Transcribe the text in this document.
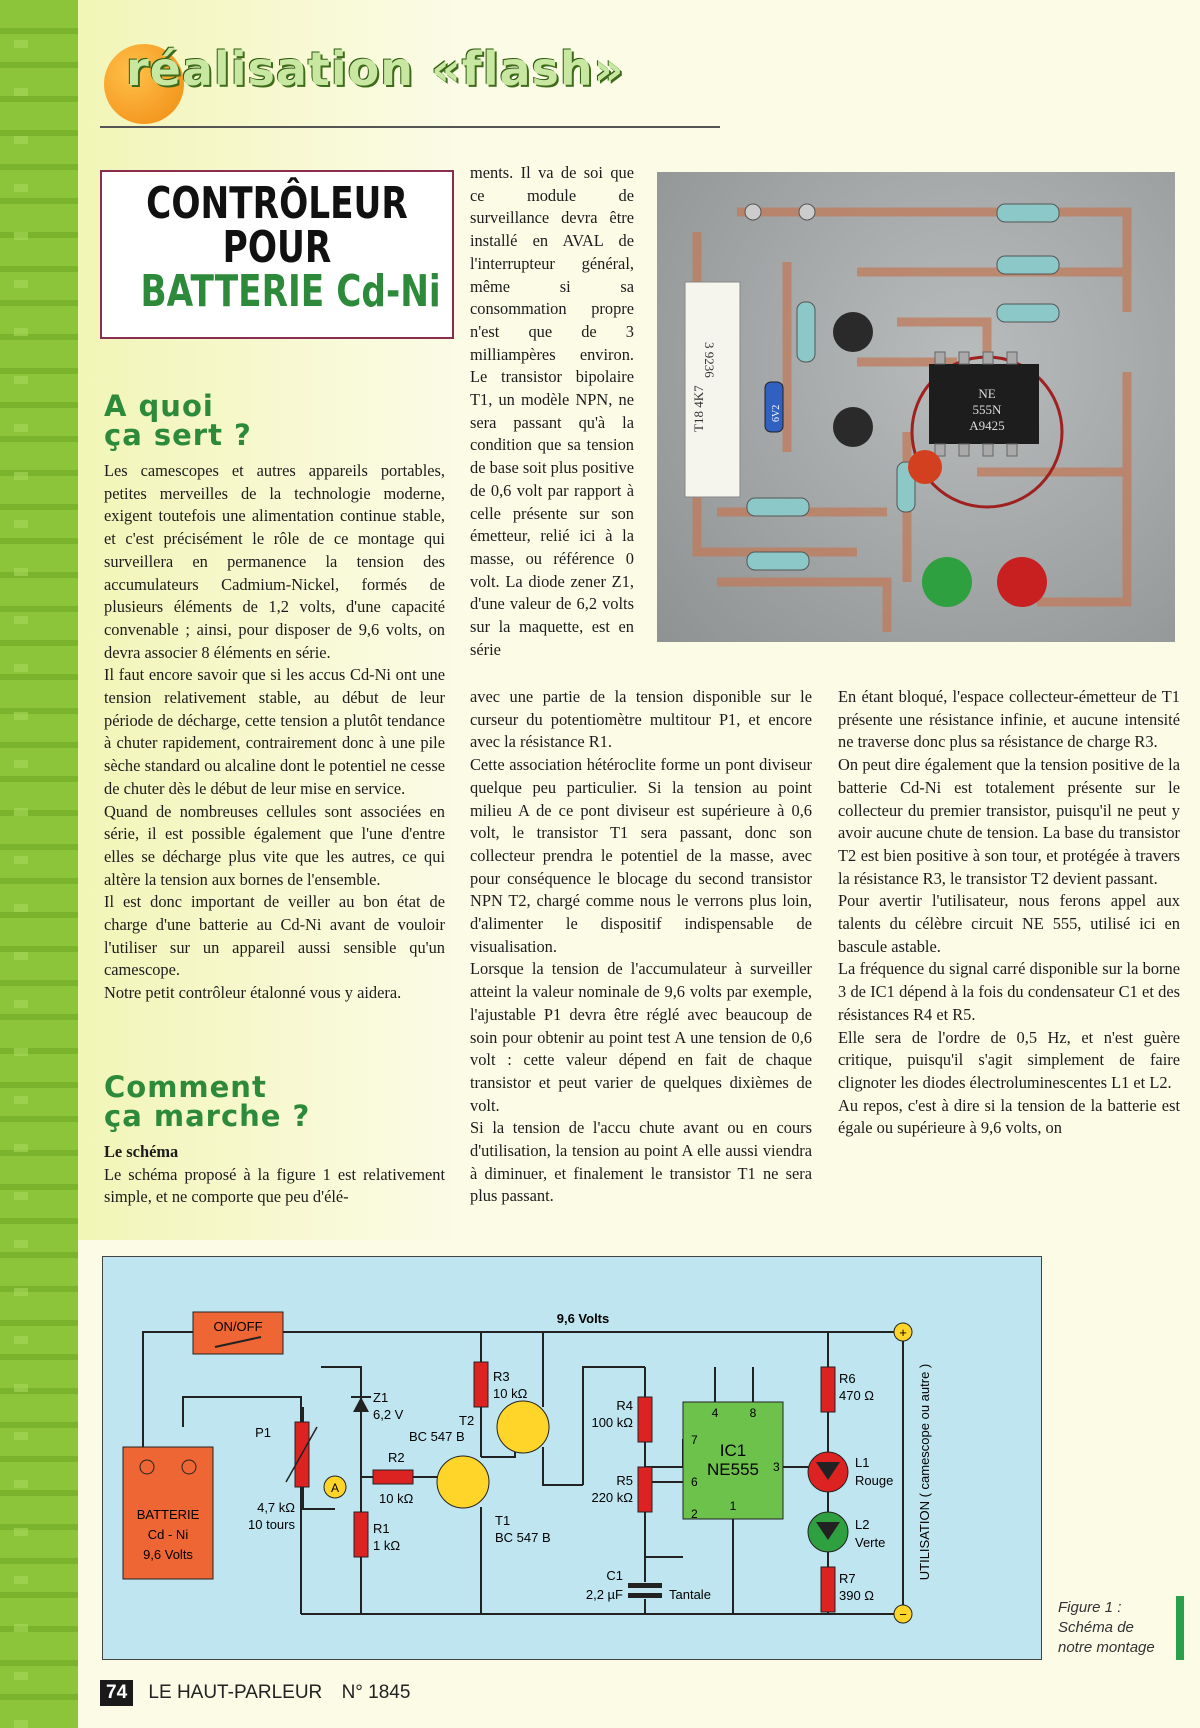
réalisation «flash»
CONTRÔLEUR
POUR
BATTERIE Cd-Ni
A quoi
ça sert ?

Les camescopes et autres appareils portables, petites merveilles de la technologie moderne, exigent toutefois une alimentation continue stable, et c'est précisément le rôle de ce montage qui surveillera en permanence la tension des accumulateurs Cadmium-Nickel, formés de plusieurs éléments de 1,2 volts, d'une capacité convenable ; ainsi, pour disposer de 9,6 volts, on devra associer 8 éléments en série.

Il faut encore savoir que si les accus Cd-Ni ont une tension relativement stable, au début de leur période de décharge, cette tension a plutôt tendance à chuter rapidement, contrairement donc à une pile sèche standard ou alcaline dont le potentiel ne cesse de chuter dès le début de leur mise en service.

Quand de nombreuses cellules sont associées en série, il est possible également que l'une d'entre elles se décharge plus vite que les autres, ce qui altère la tension aux bornes de l'ensemble.

Il est donc important de veiller au bon état de charge d'une batterie au Cd-Ni avant de vouloir l'utiliser sur un appareil aussi sensible qu'un camescope.

Notre petit contrôleur étalonné vous y aidera.

Comment
ça marche ?

Le schéma

Le schéma proposé à la figure 1 est relativement simple, et ne comporte que peu d'élé-

ments. Il va de soi que ce module de surveillance devra être installé en AVAL de l'interrupteur général, même si sa consommation propre n'est que de 3 milliampères environ. Le transistor bipolaire T1, un modèle NPN, ne sera passant qu'à la condition que sa tension de base soit plus positive de 0,6 volt par rapport à celle présente sur son émetteur, relié ici à la masse, ou référence 0 volt. La diode zener Z1, d'une valeur de 6,2 volts sur la maquette, est en série

avec une partie de la tension disponible sur le curseur du potentiomètre multitour P1, et encore avec la résistance R1.

Cette association hétéroclite forme un pont diviseur quelque peu particulier. Si la tension au point milieu A de ce pont diviseur est supérieure à 0,6 volt, le transistor T1 sera passant, donc son collecteur prendra le potentiel de la masse, avec pour conséquence le blocage du second transistor NPN T2, chargé comme nous le verrons plus loin, d'alimenter le dispositif indispensable de visualisation.

Lorsque la tension de l'accumulateur à surveiller atteint la valeur nominale de 9,6 volts par exemple, l'ajustable P1 devra être réglé avec beaucoup de soin pour obtenir au point test A une tension de 0,6 volt : cette valeur dépend en fait de chaque transistor et peut varier de quelques dixièmes de volt.

Si la tension de l'accu chute avant ou en cours d'utilisation, la tension au point A elle aussi viendra à diminuer, et finalement le transistor T1 ne sera plus passant.

En étant bloqué, l'espace collecteur-émetteur de T1 présente une résistance infinie, et aucune intensité ne traverse donc plus sa résistance de charge R3.

On peut dire également que la tension positive de la batterie Cd-Ni est totalement présente sur le collecteur du premier transistor, puisqu'il ne peut y avoir aucune chute de tension. La base du transistor T2 est bien positive à son tour, et protégée à travers la résistance R3, le transistor T2 devient passant.

Pour avertir l'utilisateur, nous ferons appel aux talents du célèbre circuit NE 555, utilisé ici en bascule astable.

La fréquence du signal carré disponible sur la borne 3 de IC1 dépend à la fois du condensateur C1 et des résistances R4 et R5.

Elle sera de l'ordre de 0,5 Hz, et n'est guère critique, puisqu'il s'agit simplement de faire clignoter les diodes électroluminescentes L1 et L2.

Au repos, c'est à dire si la tension de la batterie est égale ou supérieure à 9,6 volts, on

3 9236
T18 4K7	NE
555N
A9425
6V2
ON/OFF
9,6 Volts
BATTERIE
Cd - Ni
9,6 Volts
P1
4,7 kΩ
10 tours
Z1
6,2 V
A
R2
10 kΩ
R1
1 kΩ
R3
10 kΩ
T2
BC 547 B
T1
BC 547 B
R4
100 kΩ
R5
220 kΩ
C1
2,2 µF	Tantale
IC1
NE555
4	8
7
6
3
2
1
R6
470 Ω
L1
Rouge
L2
Verte
R7
390 Ω
+
−
UTILISATION ( camescope ou autre )
Figure 1 :
Schéma de
notre montage
74 LE HAUT-PARLEUR N° 1845
